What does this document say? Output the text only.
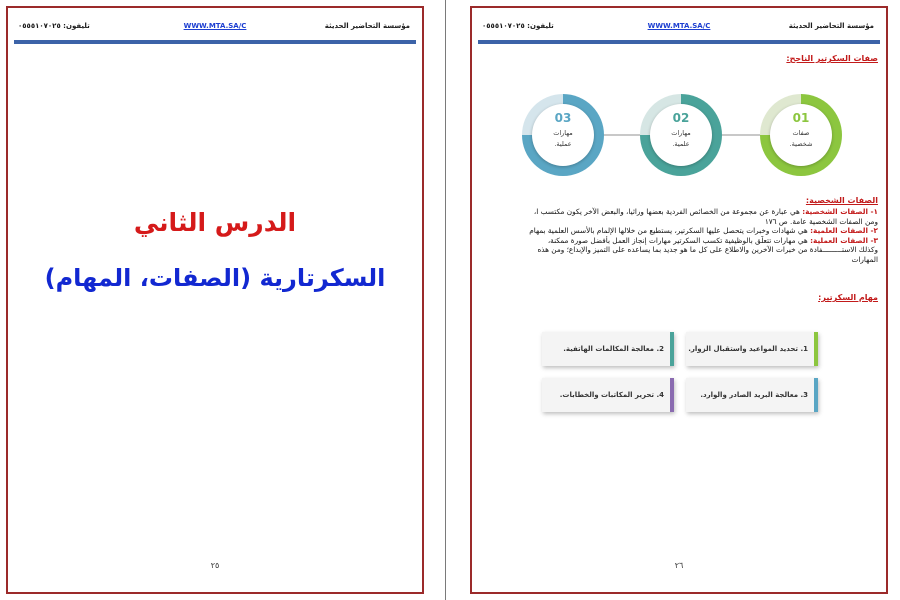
مؤسسة التحاضير الحديثة
WWW.MTA.SA/C
تليفون: ٠٥٥٥١٠٧٠٢٥
الدرس الثاني
السكرتارية (الصفات، المهام)
٢٥
مؤسسة التحاضير الحديثة
WWW.MTA.SA/C
تليفون: ٠٥٥٥١٠٧٠٢٥
صفات السكرتير الناجح:
01
صفات
شخصية.
02
مهارات
علمية.
03
مهارات
عملية.
الصفات الشخصية:
١- الصفات الشخصية: هي عبارة عن مجموعة من الخصائص الفردية بعضها وراثيا، والبعض الآخر يكون مكتسب ا،
ومن الصفات الشخصية عامة. ص ١٧٦
٢- الصفات العلمية: هي شهادات وخبرات يتحصل عليها السكرتير، يستطيع من خلالها الإلمام بالأسس العلمية بمهام
٣- الصفات العملية: هي مهارات تتعلّق بالوظيفية تكسب السكرتير مهارات إنجاز العمل بأفضل صورة ممكنة،
وكذلك الاستـــــــــفادة من خبرات الآخرين والاطلاع على كل ما هو جديد بما يساعده على التميز والإبداع؛ ومن هذه
المهارات
مهام السكرتير:
1. تحديد المواعيد واستقبال الزوار.
2. معالجة المكالمات الهاتفية.
3. معالجة البريد الصادر والوارد.
4. تحرير المكاتبات والخطابات.
٢٦
